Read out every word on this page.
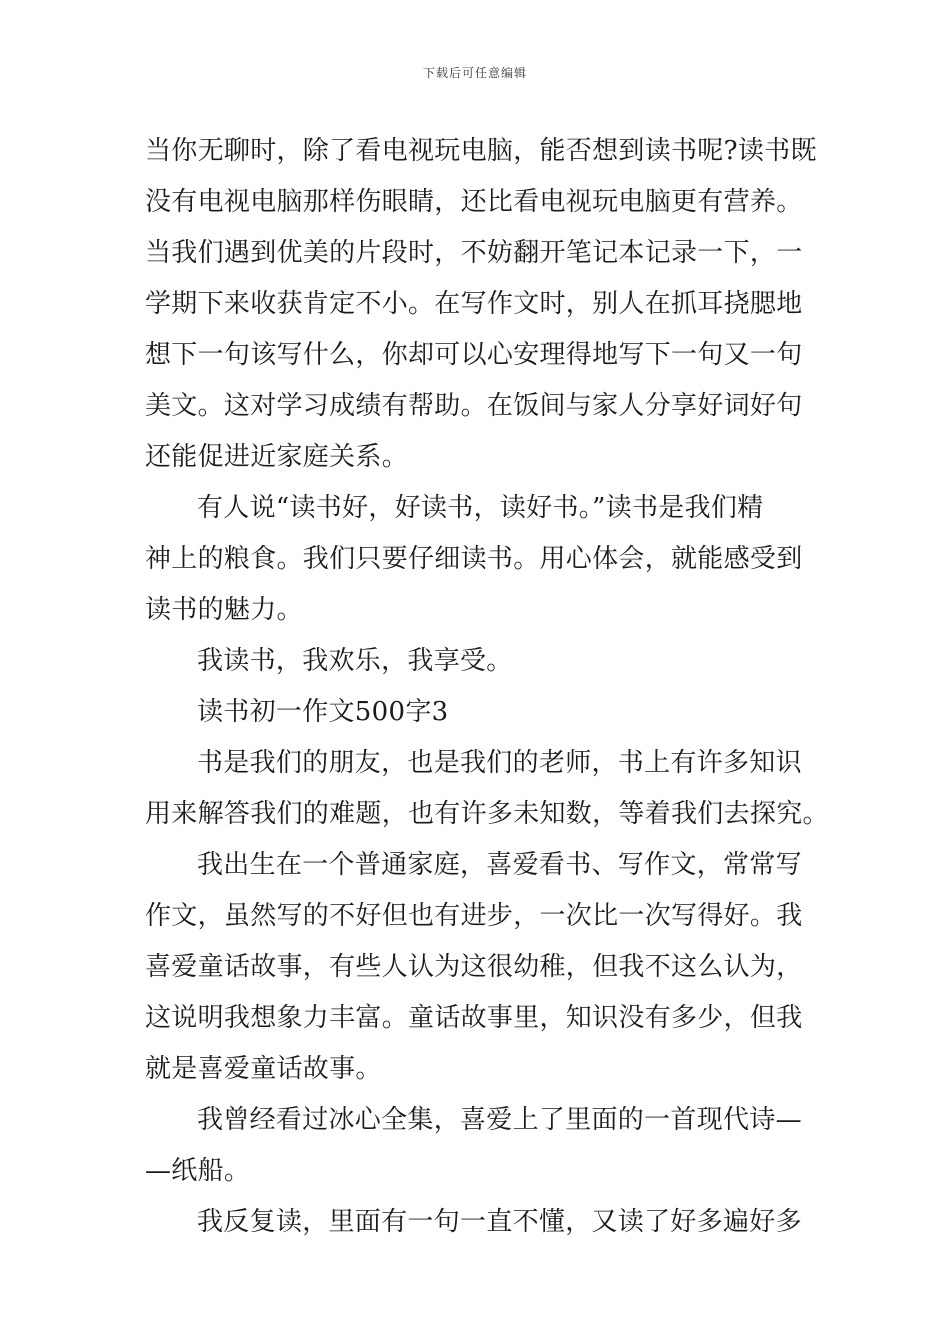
下载后可任意编辑
当你无聊时，除了看电视玩电脑，能否想到读书呢?读书既
没有电视电脑那样伤眼睛，还比看电视玩电脑更有营养。
当我们遇到优美的片段时，不妨翻开笔记本记录一下，一
学期下来收获肯定不小。在写作文时，别人在抓耳挠腮地
想下一句该写什么，你却可以心安理得地写下一句又一句
美文。这对学习成绩有帮助。在饭间与家人分享好词好句
还能促进近家庭关系。
有人说“读书好，好读书，读好书。”读书是我们精
神上的粮食。我们只要仔细读书。用心体会，就能感受到
读书的魅力。
我读书，我欢乐，我享受。
读书初一作文500字3
书是我们的朋友，也是我们的老师，书上有许多知识
用来解答我们的难题，也有许多未知数，等着我们去探究。
我出生在一个普通家庭，喜爱看书、写作文，常常写
作文，虽然写的不好但也有进步，一次比一次写得好。我
喜爱童话故事，有些人认为这很幼稚，但我不这么认为，
这说明我想象力丰富。童话故事里，知识没有多少，但我
就是喜爱童话故事。
我曾经看过冰心全集，喜爱上了里面的一首现代诗—
—纸船。
我反复读，里面有一句一直不懂，又读了好多遍好多
